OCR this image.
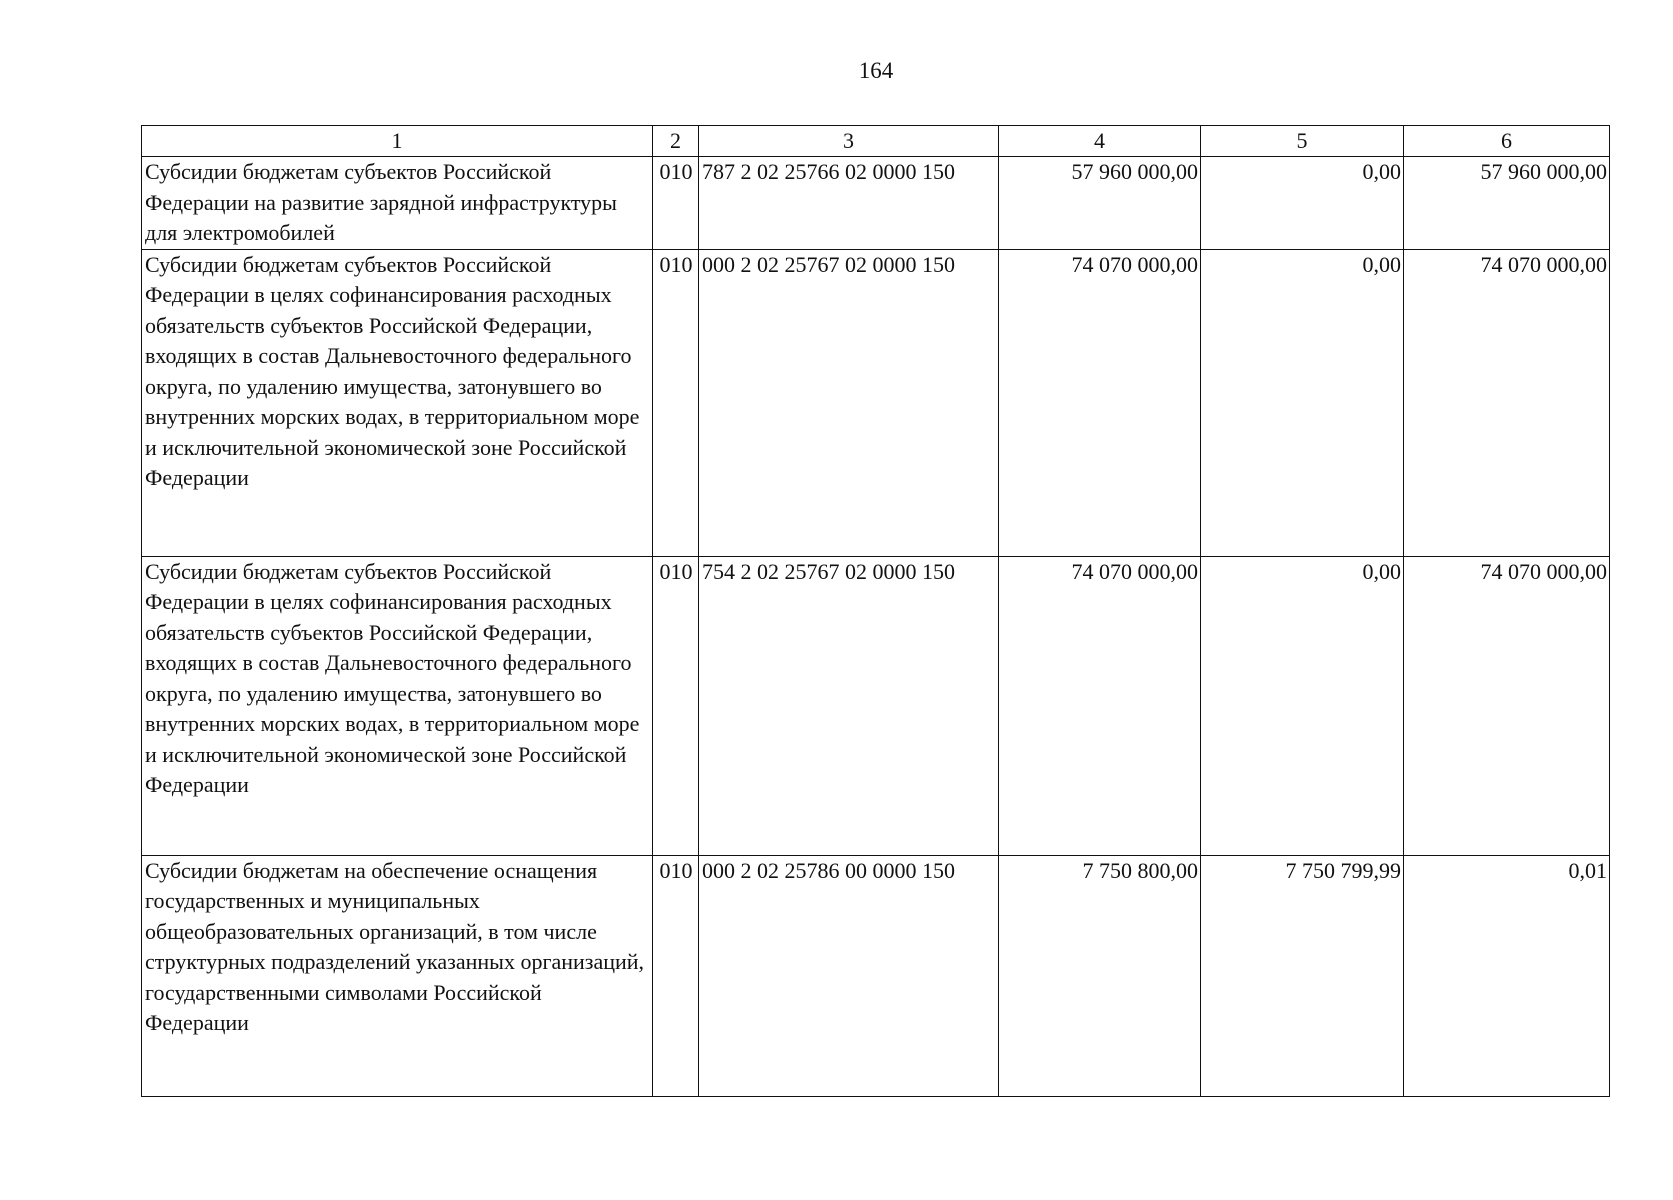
164
1	2	3	4	5	6
Субсидии бюджетам субъектов Российской Федерации на развитие зарядной инфраструктуры для электромобилей	010	787 2 02 25766 02 0000 150	57 960 000,00	0,00	57 960 000,00
Субсидии бюджетам субъектов Российской Федерации в целях софинансирования расходных обязательств субъектов Российской Федерации, входящих в состав Дальневосточного федерального округа, по удалению имущества, затонувшего во внутренних морских водах, в территориальном море и исключительной экономической зоне Российской Федерации	010	000 2 02 25767 02 0000 150	74 070 000,00	0,00	74 070 000,00
Субсидии бюджетам субъектов Российской Федерации в целях софинансирования расходных обязательств субъектов Российской Федерации, входящих в состав Дальневосточного федерального округа, по удалению имущества, затонувшего во внутренних морских водах, в территориальном море и исключительной экономической зоне Российской Федерации	010	754 2 02 25767 02 0000 150	74 070 000,00	0,00	74 070 000,00
Субсидии бюджетам на обеспечение оснащения государственных и муниципальных общеобразовательных организаций, в том числе структурных подразделений указанных организаций, государственными символами Российской Федерации	010	000 2 02 25786 00 0000 150	7 750 800,00	7 750 799,99	0,01
